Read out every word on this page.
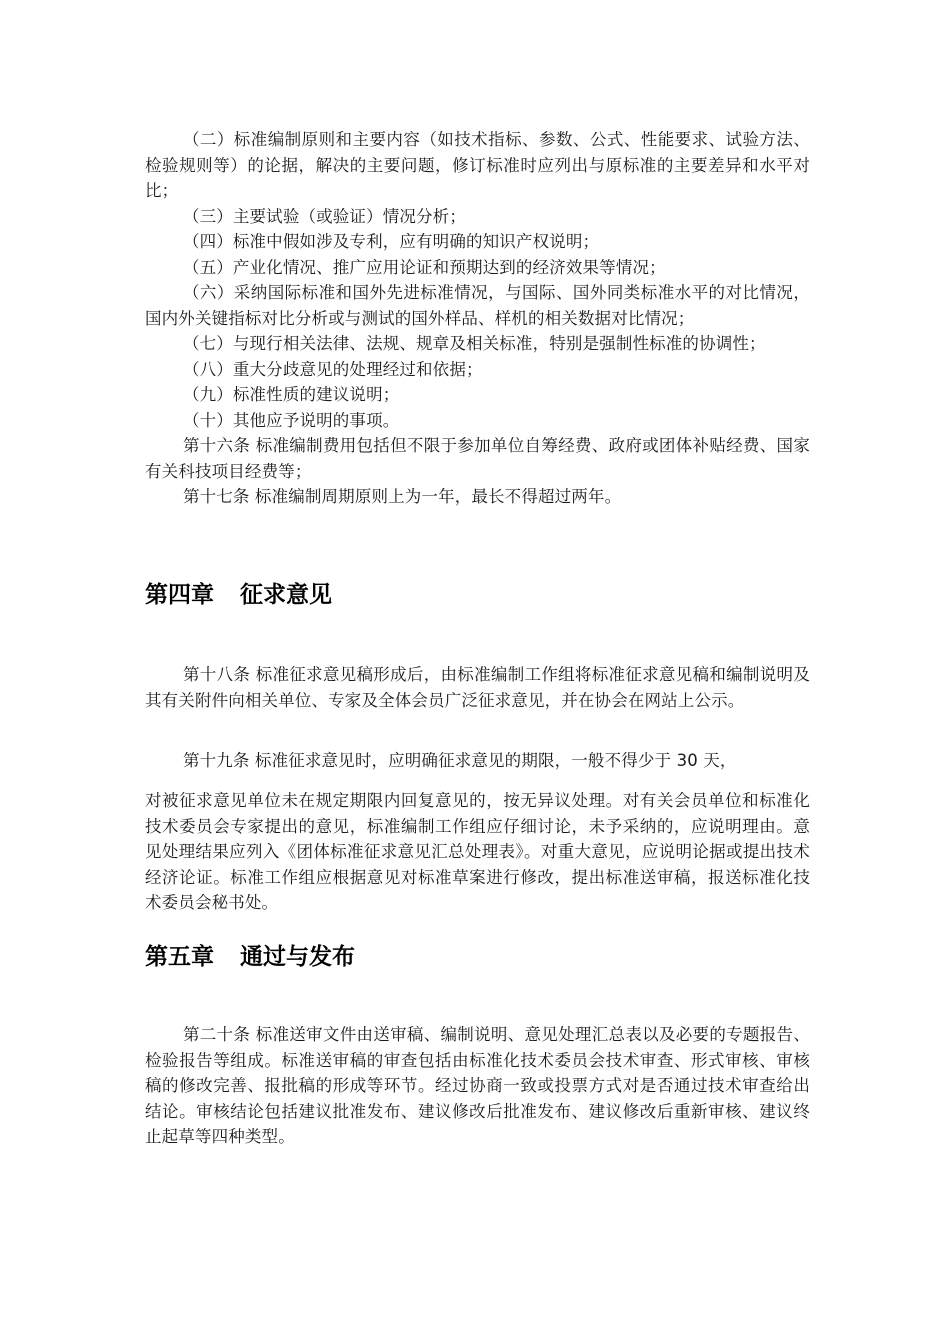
（二）标准编制原则和主要内容（如技术指标、参数、公式、性能要求、试验方法、检验规则等）的论据，解决的主要问题，修订标准时应列出与原标准的主要差异和水平对比；

（三）主要试验（或验证）情况分析；

（四）标准中假如涉及专利，应有明确的知识产权说明；

（五）产业化情况、推广应用论证和预期达到的经济效果等情况；

（六）采纳国际标准和国外先进标准情况，与国际、国外同类标准水平的对比情况，国内外关键指标对比分析或与测试的国外样品、样机的相关数据对比情况；

（七）与现行相关法律、法规、规章及相关标准，特别是强制性标准的协调性；

（八）重大分歧意见的处理经过和依据；

（九）标准性质的建议说明；

（十）其他应予说明的事项。

第十六条 标准编制费用包括但不限于参加单位自筹经费、政府或团体补贴经费、国家有关科技项目经费等；

第十七条 标准编制周期原则上为一年，最长不得超过两年。

第四章 征求意见

第十八条 标准征求意见稿形成后，由标准编制工作组将标准征求意见稿和编制说明及其有关附件向相关单位、专家及全体会员广泛征求意见，并在协会在网站上公示。

第十九条 标准征求意见时，应明确征求意见的期限，一般不得少于 30 天，

对被征求意见单位未在规定期限内回复意见的，按无异议处理。对有关会员单位和标准化技术委员会专家提出的意见，标准编制工作组应仔细讨论，未予采纳的，应说明理由。意见处理结果应列入《团体标准征求意见汇总处理表》。对重大意见，应说明论据或提出技术经济论证。标准工作组应根据意见对标准草案进行修改，提出标准送审稿，报送标准化技术委员会秘书处。

第五章 通过与发布

第二十条 标准送审文件由送审稿、编制说明、意见处理汇总表以及必要的专题报告、检验报告等组成。标准送审稿的审查包括由标准化技术委员会技术审查、形式审核、审核稿的修改完善、报批稿的形成等环节。经过协商一致或投票方式对是否通过技术审查给出结论。审核结论包括建议批准发布、建议修改后批准发布、建议修改后重新审核、建议终止起草等四种类型。
